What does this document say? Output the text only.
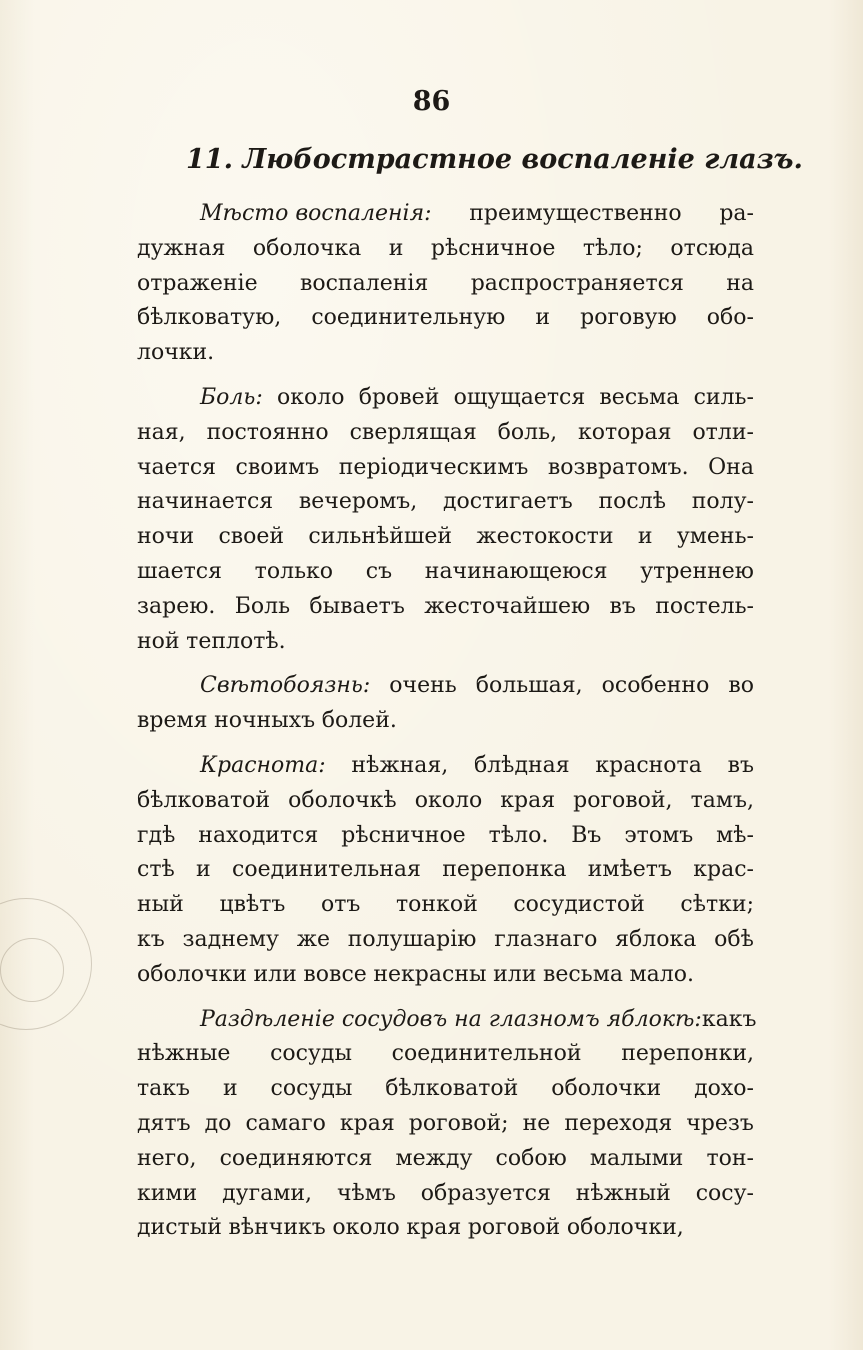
86
11. Любострастное воспаленіе глазъ.
Мѣсто воспаленія: преимущественно ра-
дужная оболочка и рѣсничное тѣло; отсюда
отраженіе воспаленія распространяется на
бѣлковатую, соединительную и роговую обо-
лочки.
Боль: около бровей ощущается весьма силь-
ная, постоянно сверлящая боль, которая отли-
чается своимъ періодическимъ возвратомъ. Она
начинается вечеромъ, достигаетъ послѣ полу-
ночи своей сильнѣйшей жестокости и умень-
шается только съ начинающеюся утреннею
зарею. Боль бываетъ жесточайшею въ постель-
ной теплотѣ.
Свѣтобоязнь: очень большая, особенно во
время ночныхъ болей.
Краснота: нѣжная, блѣдная краснота въ
бѣлковатой оболочкѣ около края роговой, тамъ,
гдѣ находится рѣсничное тѣло. Въ этомъ мѣ-
стѣ и соединительная перепонка имѣетъ крас-
ный цвѣтъ отъ тонкой сосудистой сѣтки;
къ заднему же полушарію глазнаго яблока обѣ
оболочки или вовсе некрасны или весьма мало.
Раздѣленіе сосудовъ на глазномъ яблокѣ: какъ
нѣжные сосуды соединительной перепонки,
такъ и сосуды бѣлковатой оболочки дохо-
дятъ до самаго края роговой; не переходя чрезъ
него, соединяются между собою малыми тон-
кими дугами, чѣмъ образуется нѣжный сосу-
дистый вѣнчикъ около края роговой оболочки,
